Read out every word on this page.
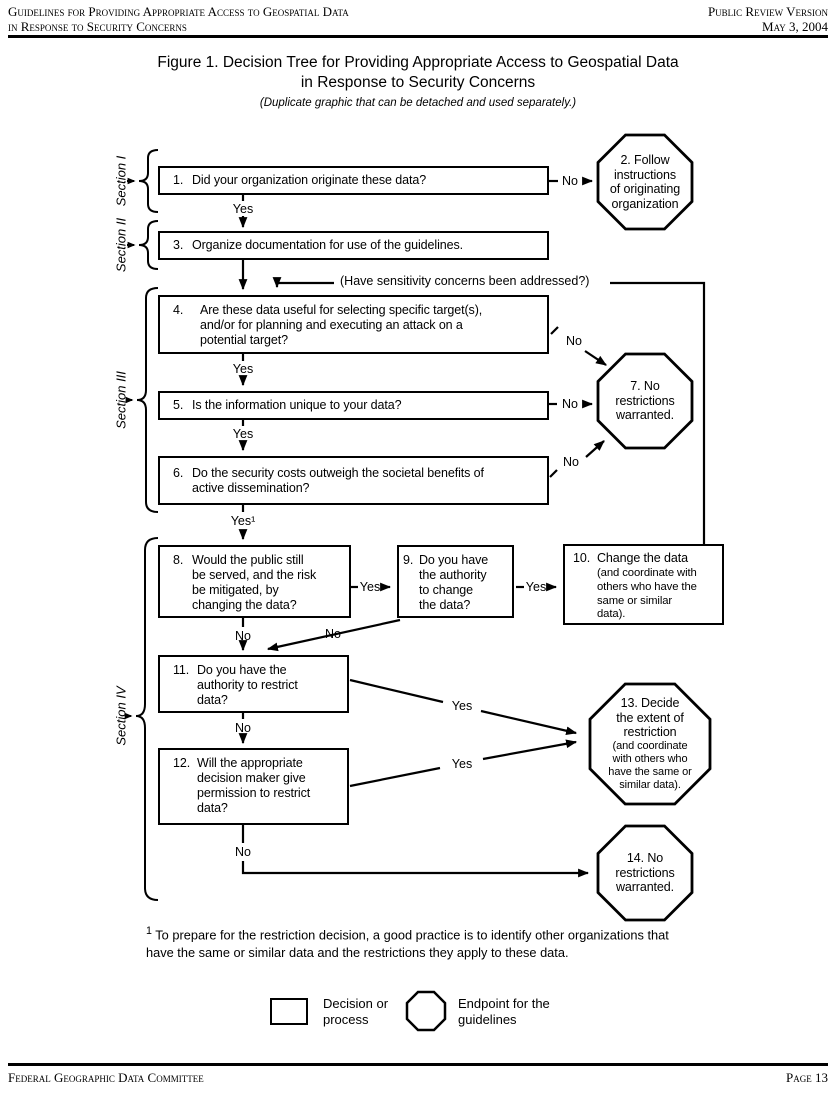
Guidelines for Providing Appropriate Access to Geospatial Data
in Response to Security Concerns
Public Review Version
May 3, 2004
Figure 1. Decision Tree for Providing Appropriate Access to Geospatial Data
in Response to Security Concerns
(Duplicate graphic that can be detached and used separately.)
Section I
Section II
Section III
Section IV
1. Did your organization originate these data?
3. Organize documentation for use of the guidelines.
4.	Are these data useful for selecting specific target(s),
and/or for planning and executing an attack on a
potential target?
5. Is the information unique to your data?
6. Do the security costs outweigh the societal benefits of
active dissemination?
8. Would the public still
be served, and the risk
be mitigated, by
changing the data?
9. Do you have
the authority
to change
the data?
10. Change the data
(and coordinate with
others who have the
same or similar
data).
11. Do you have the
authority to restrict
data?
12. Will the appropriate
decision maker give
permission to restrict
data?
2. Follow
instructions
of originating
organization
7. No
restrictions
warranted.
13. Decide
the extent of
restriction
(and coordinate
with others who
have the same or
similar data).
14. No
restrictions
warranted.
(Have sensitivity concerns been addressed?)
Yes
No
Yes
No
Yes
No
Yes¹
No
Yes	Yes
No	No
Yes
No
Yes
No
$^1$ To prepare for the restriction decision, a good practice is to identify other organizations that
have the same or similar data and the restrictions they apply to these data.
Decision or
process
Endpoint for the
guidelines
Federal Geographic Data Committee	Page 13
